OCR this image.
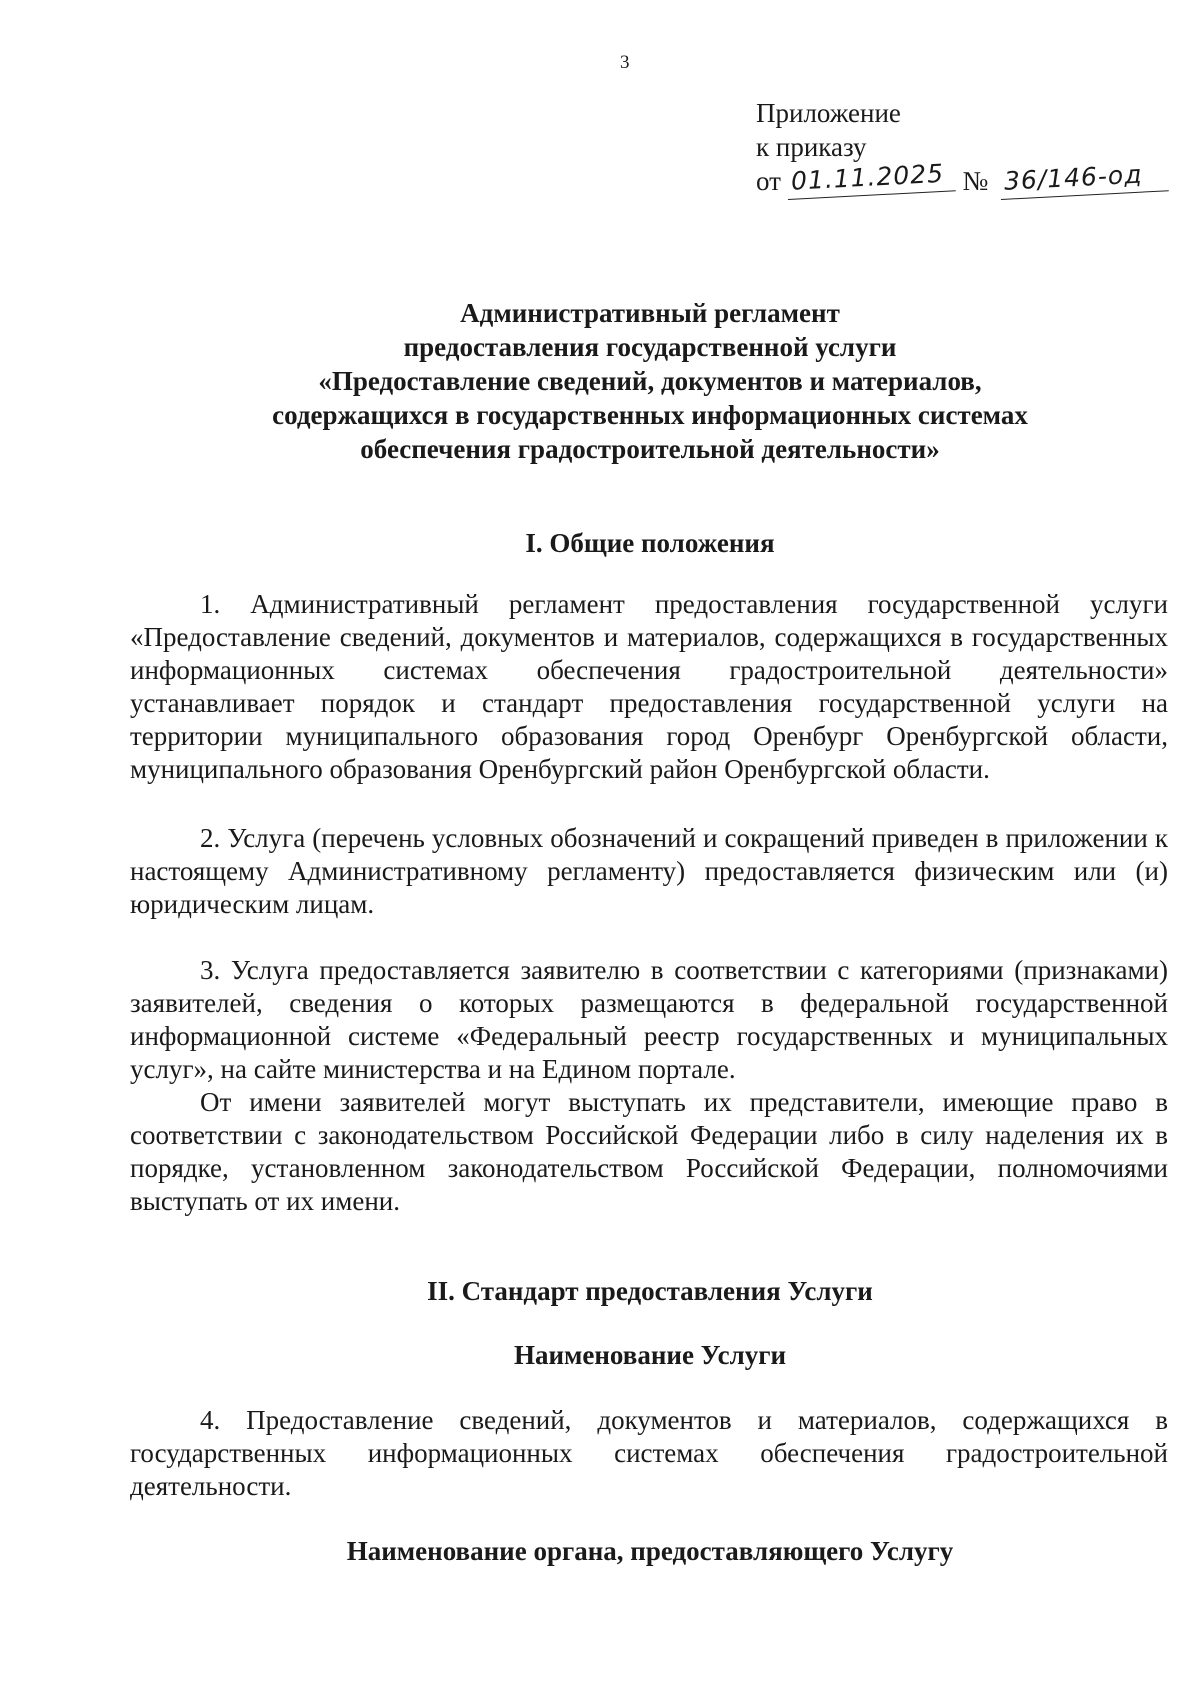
3
Приложение
к приказу
от 01.11.2025 № 36/146-од
Административный регламент
предоставления государственной услуги
«Предоставление сведений, документов и материалов,
содержащихся в государственных информационных системах
обеспечения градостроительной деятельности»
I. Общие положения
1. Административный регламент предоставления государственной услуги «Предоставление сведений, документов и материалов, содержащихся в государственных информационных системах обеспечения градостроительной деятельности» устанавливает порядок и стандарт предоставления государственной услуги на территории муниципального образования город Оренбург Оренбургской области, муниципального образования Оренбургский район Оренбургской области.
2. Услуга (перечень условных обозначений и сокращений приведен в приложении к настоящему Административному регламенту) предоставляется физическим или (и) юридическим лицам.
3. Услуга предоставляется заявителю в соответствии с категориями (признаками) заявителей, сведения о которых размещаются в федеральной государственной информационной системе «Федеральный реестр государственных и муниципальных услуг», на сайте министерства и на Едином портале.
От имени заявителей могут выступать их представители, имеющие право в соответствии с законодательством Российской Федерации либо в силу наделения их в порядке, установленном законодательством Российской Федерации, полномочиями выступать от их имени.
II. Стандарт предоставления Услуги
Наименование Услуги
4. Предоставление сведений, документов и материалов, содержащихся в государственных информационных системах обеспечения градостроительной деятельности.
Наименование органа, предоставляющего Услугу
